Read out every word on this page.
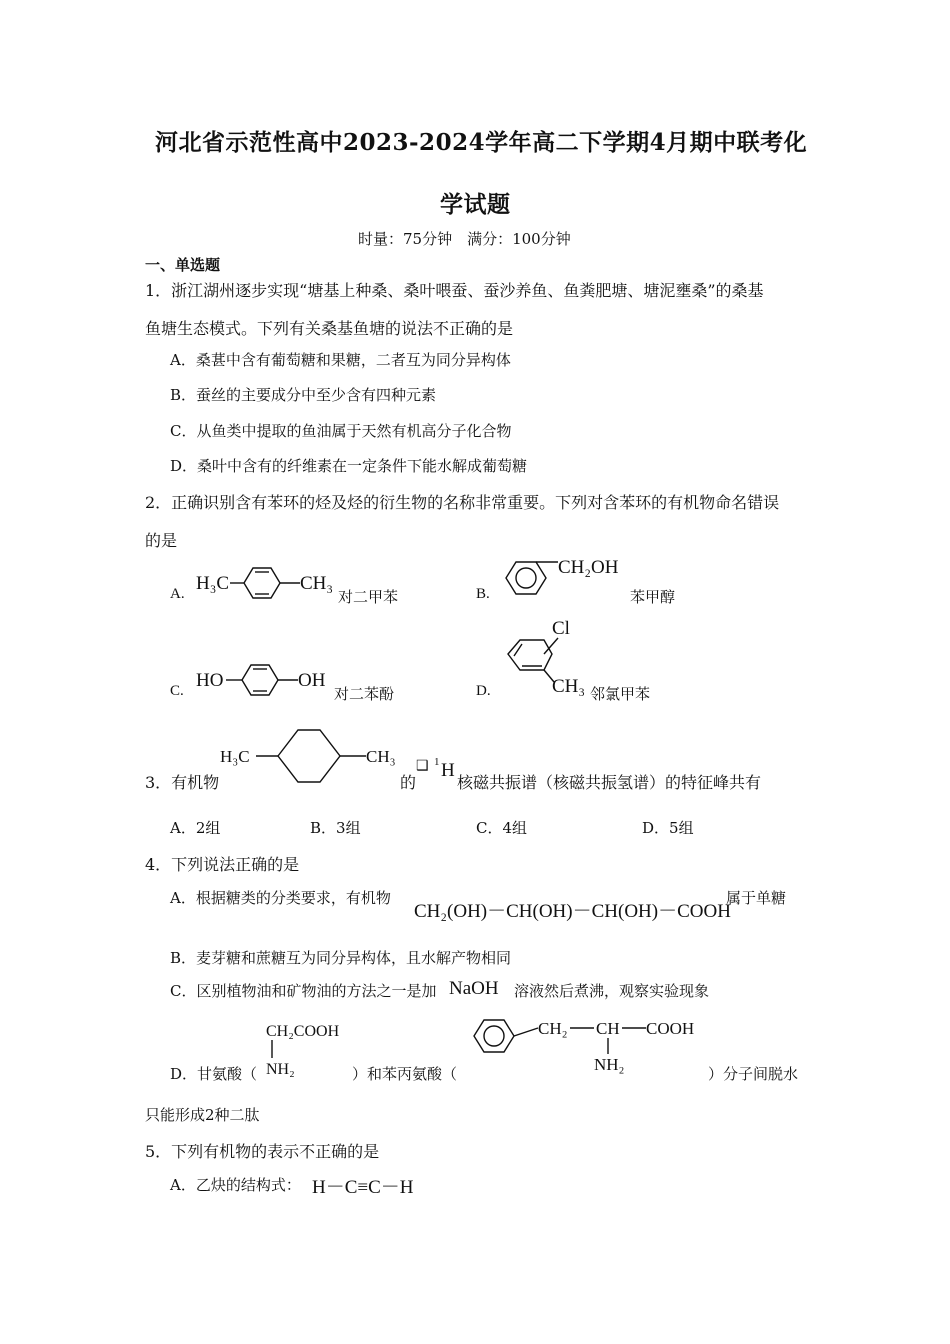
河北省示范性高中2023-2024学年高二下学期4月期中联考化
学试题
时量：75分钟　满分：100分钟
一、单选题
1．浙江湖州逐步实现“塘基上种桑、桑叶喂蚕、蚕沙养鱼、鱼粪肥塘、塘泥壅桑”的桑基
鱼塘生态模式。下列有关桑基鱼塘的说法不正确的是
A．桑葚中含有葡萄糖和果糖，二者互为同分异构体
B．蚕丝的主要成分中至少含有四种元素
C．从鱼类中提取的鱼油属于天然有机高分子化合物
D．桑叶中含有的纤维素在一定条件下能水解成葡萄糖
2．正确识别含有苯环的烃及烃的衍生物的名称非常重要。下列对含苯环的有机物命名错误
的是
A. H₃C	CH₃
对二甲苯	B.
CH₂OH
苯甲醇
C. HO	OH
对二苯酚	D.
Cl
CH₃ 邻氯甲苯
3．有机物
H₃C	CH₃
的
❑ 1 H
核磁共振谱（核磁共振氢谱）的特征峰共有
A．2组	B．3组	C．4组	D．5组
4．下列说法正确的是
A．根据糖类的分类要求，有机物
CH₂(OH)－CH(OH)－CH(OH)－COOH
属于单糖
B．麦芽糖和蔗糖互为同分异构体，且水解产物相同
C．区别植物油和矿物油的方法之一是加 NaOH 溶液然后煮沸，观察实验现象
D．甘氨酸（
CH₂COOH
NH₂	）和苯丙氨酸（
CH₂ CH COOH
NH₂	）分子间脱水
只能形成2种二肽
5．下列有机物的表示不正确的是
A．乙炔的结构式： H－C≡C－H
